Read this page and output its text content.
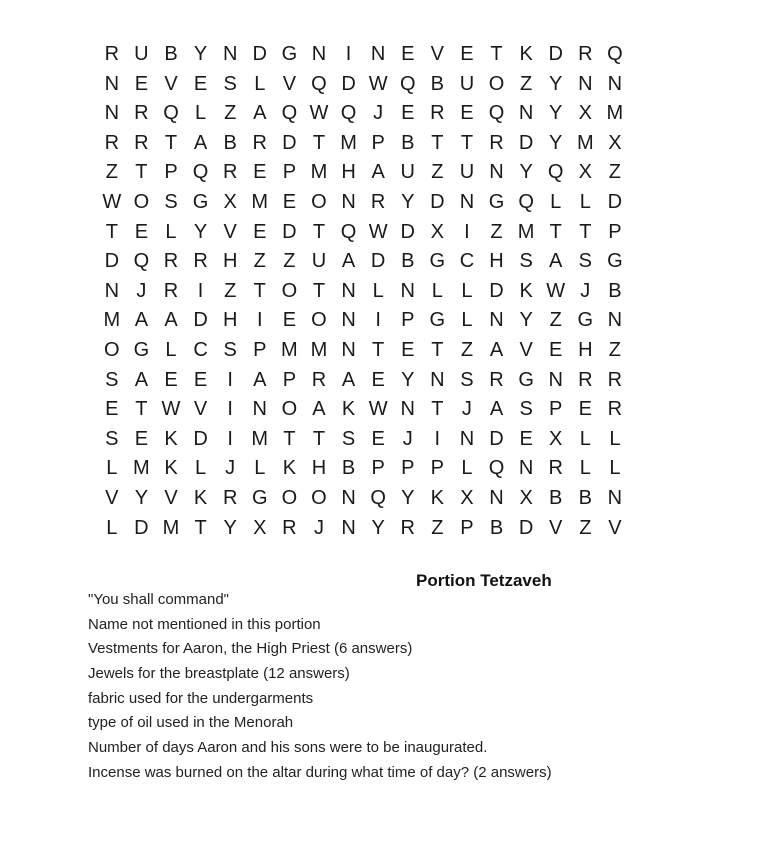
R U B Y N D G N I N E V E T K D R Q
N E V E S L V Q D W Q B U O Z Y N N
N R Q L Z A Q W Q J E R E Q N Y X M
R R T A B R D T M P B T T R D Y M X
Z T P Q R E P M H A U Z U N Y Q X Z
W O S G X M E O N R Y D N G Q L L D
T E L Y V E D T Q W D X	I	Z M T T P
D Q R R H Z Z U A D B G C H S A S G
N J R I	Z T O T N L N L L D K W J B
M A A D H I	E O N I	P G L N Y Z G N
O G L C S P M M N T E T Z A V E H Z
S A E E	I	A P R A E Y N S R G N R R
E T W V	I N O A K W N T J A S P E R
S E K D I M T T S E J	I N D E X L L
L M K L J L K H B P P P L Q N R L L
V Y V K R G O O N Q Y K X N X B B N
L D M T Y X R J N Y R Z P B D V Z V
Portion Tetzaveh
"You shall command"
Name not mentioned in this portion
Vestments for Aaron, the High Priest (6 answers)
Jewels for the breastplate (12 answers)
fabric used for the undergarments
type of oil used in the Menorah
Number of days Aaron and his sons were to be inaugurated.
Incense was burned on the altar during what time of day? (2 answers)
